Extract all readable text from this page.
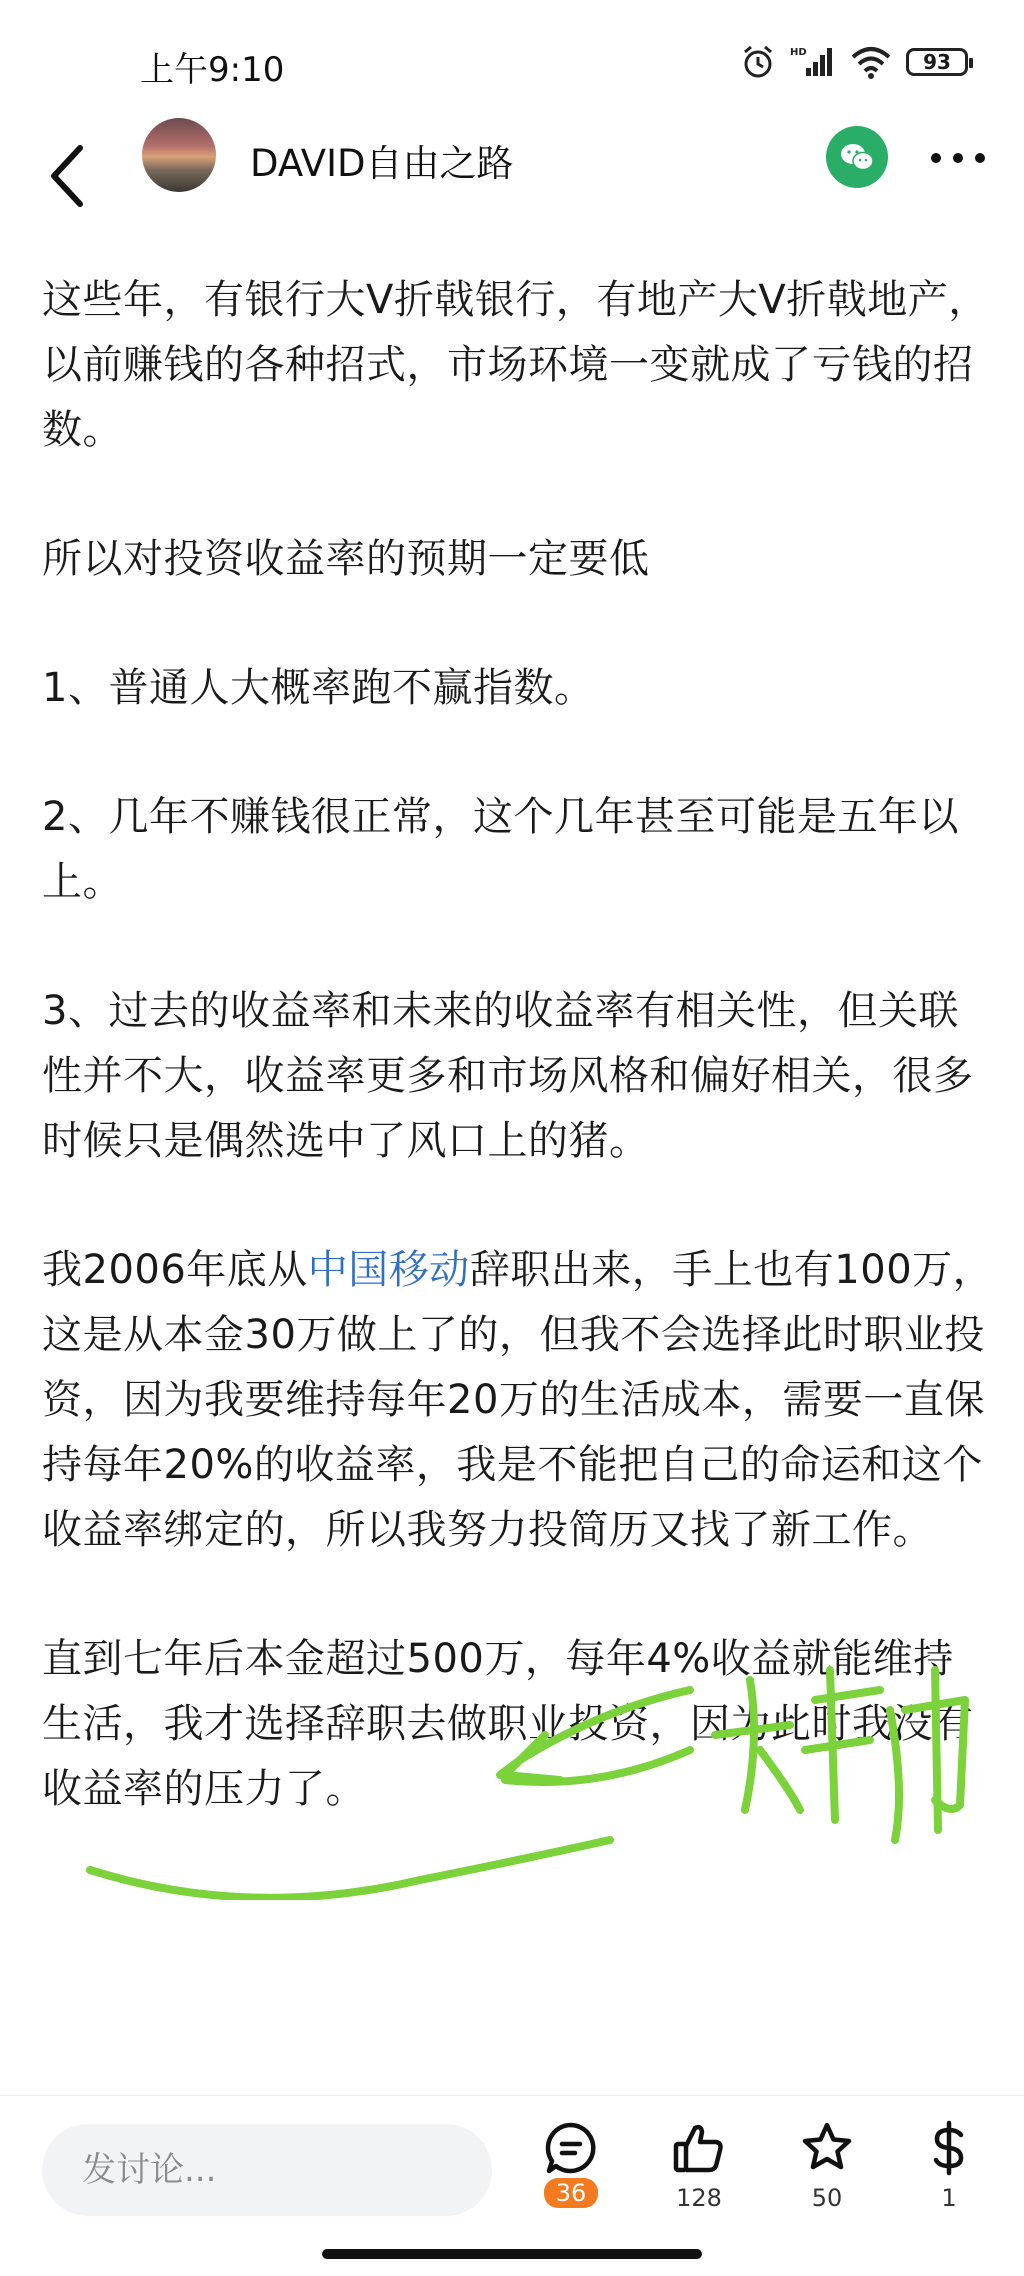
上午9:10	HD	93
DAVID自由之路

这些年，有银行大V折戟银行，有地产大V折戟地产，以前赚钱的各种招式，市场环境一变就成了亏钱的招数。

所以对投资收益率的预期一定要低

1、普通人大概率跑不赢指数。

2、几年不赚钱很正常，这个几年甚至可能是五年以上。

3、过去的收益率和未来的收益率有相关性，但关联性并不大，收益率更多和市场风格和偏好相关，很多时候只是偶然选中了风口上的猪。

我2006年底从中国移动辞职出来，手上也有100万，这是从本金30万做上了的，但我不会选择此时职业投资，因为我要维持每年20万的生活成本，需要一直保持每年20%的收益率，我是不能把自己的命运和这个收益率绑定的，所以我努力投简历又找了新工作。

直到七年后本金超过500万，每年4%收益就能维持生活，我才选择辞职去做职业投资，因为此时我没有收益率的压力了。

发讨论...
36	128	50	1
